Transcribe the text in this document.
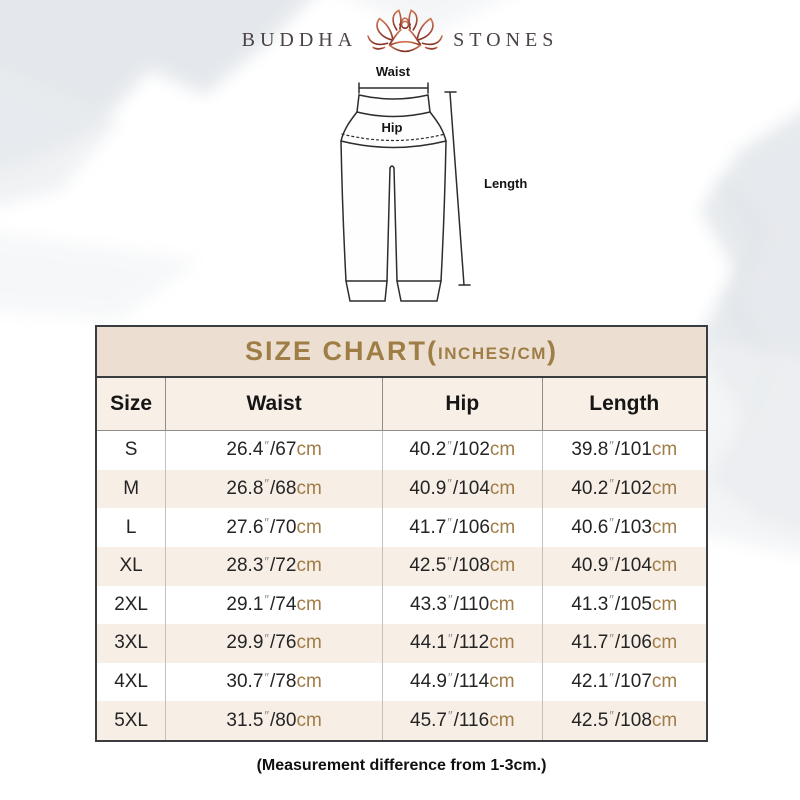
BUDDHA	STONES
Waist
Hip
Length
SIZE CHART( INCHES/CM )
Size	Waist	Hip	Length
S	26.4 ″ /67 cm	40.2 ″ /102 cm	39.8 ″ /101 cm
M	26.8 ″ /68 cm	40.9 ″ /104 cm	40.2 ″ /102 cm
L	27.6 ″ /70 cm	41.7 ″ /106 cm	40.6 ″ /103 cm
XL	28.3 ″ /72 cm	42.5 ″ /108 cm	40.9 ″ /104 cm
2XL	29.1 ″ /74 cm	43.3 ″ /110 cm	41.3 ″ /105 cm
3XL	29.9 ″ /76 cm	44.1 ″ /112 cm	41.7 ″ /106 cm
4XL	30.7 ″ /78 cm	44.9 ″ /114 cm	42.1 ″ /107 cm
5XL	31.5 ″ /80 cm	45.7 ″ /116 cm	42.5 ″ /108 cm
(Measurement difference from 1-3cm.)
